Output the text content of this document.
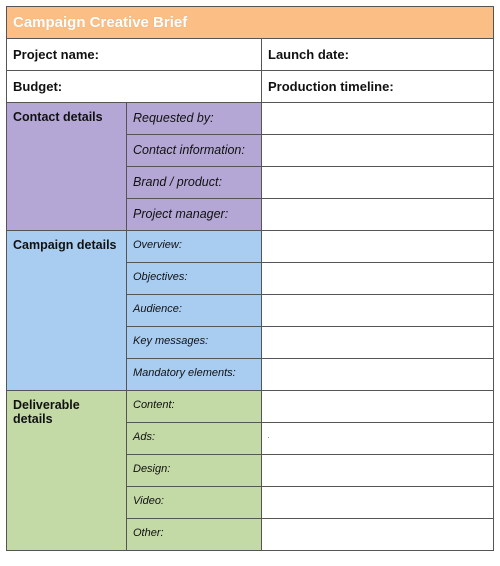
Campaign Creative Brief		
Project name:		Launch date:
Budget:		Production timeline:
Contact details	Requested by:	
	Contact information:	
	Brand / product:	
	Project manager:	
Campaign details	Overview:	
	Objectives:	
	Audience:	
	Key messages:	
	Mandatory elements:	
Deliverable details	Content:	
	Ads:	·

	Design:	
	Video:	
	Other:	
